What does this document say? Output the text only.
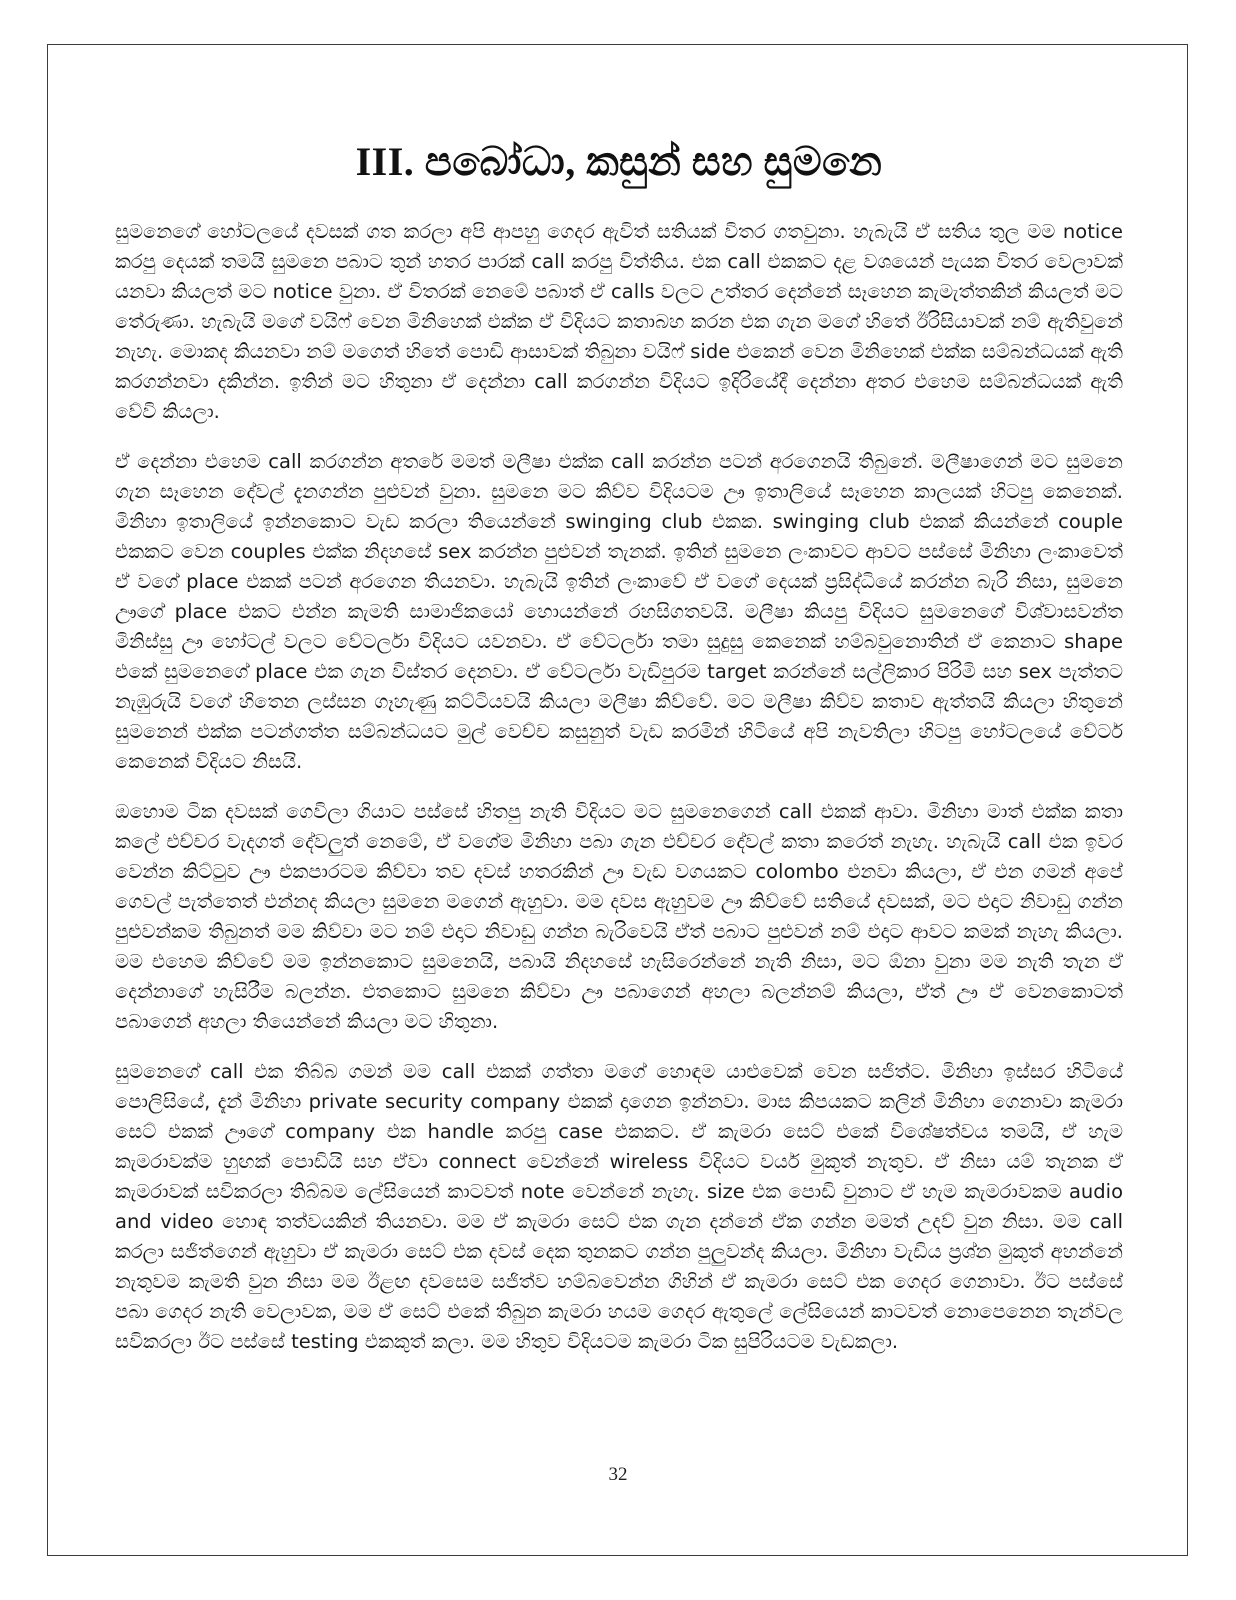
III. පබෝධා, කසුන් සහ සුමනෙ

සුමනෙගේ හෝටලයේ දවසක් ගත කරලා අපි ආපහු ගෙදර ඇවිත් සතියක් විතර ගතවුනා. හැබැයි ඒ සතිය තුල මම notice කරපු දෙයක් තමයි සුමනෙ පබාට තුන් හතර පාරක් call කරපු විත්තිය. එක call එකකට දළ වශයෙන් පැයක විතර වෙලාවක් යනවා කියලත් මට notice වුනා. ඒ විතරක් නෙමේ පබාත් ඒ calls වලට උත්තර දෙන්නේ සෑහෙන කැමැත්තකින් කියලත් මට තේරුණා. හැබැයි මගේ වයිෆ් වෙන මිනිහෙක් එක්ක ඒ විදියට කතාබහ කරන එක ගැන මගේ හිතේ ඊරිසියාවක් නම් ඇතිවුනේ නැහැ. මොකද කියනවා නම් මගෙත් හිතේ පොඩි ආසාවක් තිබුනා වයිෆ් side එකෙන් වෙන මිනිහෙක් එක්ක සම්බන්ධයක් ඇති කරගන්නවා දකින්න. ඉතින් මට හිතුනා ඒ දෙන්නා call කරගන්න විදියට ඉදිරියේදී දෙන්නා අතර එහෙම සම්බන්ධයක් ඇති වේවි කියලා.

ඒ දෙන්නා එහෙම call කරගන්න අතරේ මමත් මලීෂා එක්ක call කරන්න පටන් අරගෙනයි තිබුනේ. මලීෂාගෙන් මට සුමනෙ ගැන සෑහෙන දේවල් දැනගන්න පුළුවන් වුනා. සුමනෙ මට කිව්ව විදියටම ඌ ඉතාලියේ සෑහෙන කාලයක් හිටපු කෙනෙක්. මිනිහා ඉතාලියේ ඉන්නකොට වැඩ කරලා තියෙන්නේ swinging club එකක. swinging club එකක් කියන්නේ couple එකකට වෙන couples එක්ක නිදහසේ sex කරන්න පුළුවන් තැනක්. ඉතින් සුමනෙ ලංකාවට ආවට පස්සේ මිනිහා ලංකාවෙත් ඒ වගේ place එකක් පටන් අරගෙන තියනවා. හැබැයි ඉතින් ලංකාවේ ඒ වගේ දෙයක් ප්‍රසිද්ධියේ කරන්න බැරි නිසා, සුමනෙ ඌගේ place එකට එන්න කැමති සාමාජිකයෝ හොයන්නේ රහසිගතවයි. මලීෂා කියපු විදියට සුමනෙගේ විශ්වාසවන්ත මිනිස්සු ඌ හෝටල් වලට වේටර්ලා විදියට යවනවා. ඒ වේටර්ලා තමා සුදුසු කෙනෙක් හම්බවුනොතින් ඒ කෙනාට shape එකේ සුමනෙගේ place එක ගැන විස්තර දෙනවා. ඒ වේටර්ලා වැඩිපුරම target කරන්නේ සල්ලිකාර පිරිමි සහ sex පැත්තට නැඹුරුයි වගේ හිතෙන ලස්සන ගෑහැණු කට්ටියවයි කියලා මලීෂා කිව්වේ. මට මලීෂා කිව්ව කතාව ඇත්තයි කියලා හිතුනේ සුමනෙන් එක්ක පටන්ගත්ත සම්බන්ධයට මුල් වෙච්ච කසුනුත් වැඩ කරමින් හිටියේ අපි නැවතිලා හිටපු හෝටලයේ වේටර් කෙනෙක් විදියට නිසයි.

ඔහොම ටික දවසක් ගෙවිලා ගියාට පස්සේ හිතපු නැති විදියට මට සුමනෙගෙන් call එකක් ආවා. මිනිහා මාත් එක්ක කතා කලේ එච්චර වැදගත් දේවලුත් නෙමේ, ඒ වගේම මිනිහා පබා ගැන එච්චර දේවල් කතා කරෙත් නැහැ. හැබැයි call එක ඉවර වෙන්න කිට්ටුව ඌ එකපාරටම කිව්වා තව දවස් හතරකින් ඌ වැඩ වගයකට colombo එනවා කියලා, ඒ එන ගමන් අපේ ගෙවල් පැත්තෙත් එන්නද කියලා සුමනෙ මගෙන් ඇහුවා. මම දවස ඇහුවම ඌ කිව්වේ සතියේ දවසක්, මට එදාට නිවාඩු ගන්න පුළුවන්කම තිබුනත් මම කිව්වා මට නම් එදාට නිවාඩු ගන්න බැරිවෙයි ඒත් පබාට පුළුවන් නම් එදාට ආවට කමක් නැහැ කියලා. මම එහෙම කිව්වේ මම ඉන්නකොට සුමනෙයි, පබායි නිදහසේ හැසිරෙන්නේ නැති නිසා, මට ඕනා වුනා මම නැති තැන ඒ දෙන්නාගේ හැසිරීම බලන්න. එතකොට සුමනෙ කිව්වා ඌ පබාගෙන් අහලා බලන්නම් කියලා, ඒත් ඌ ඒ වෙනකොටත් පබාගෙන් අහලා තියෙන්නේ කියලා මට හිතුනා.

සුමනෙගේ call එක තිබ්බ ගමන් මම call එකක් ගත්තා මගේ හොඳම යාළුවෙක් වෙන සජිත්ට. මිනිහා ඉස්සර හිටියේ පොලිසියේ, දැන් මිනිහා private security company එකක් දාගෙන ඉන්නවා. මාස කිපයකට කලින් මිනිහා ගෙනාවා කැමරා සෙට් එකක් ඌගේ company එක handle කරපු case එකකට. ඒ කැමරා සෙට් එකේ විශේෂත්වය තමයි, ඒ හැම කැමරාවක්ම හුඟක් පොඩියි සහ ඒවා connect වෙන්නේ wireless විදියට වයර් මුකුත් නැතුව. ඒ නිසා යම් තැනක ඒ කැමරාවක් සවිකරලා තිබ්බම ලේසියෙන් කාටවත් note වෙන්නේ නැහැ. size එක පොඩි වුනාට ඒ හැම කැමරාවකම audio and video හොඳ තත්වයකින් තියනවා. මම ඒ කැමරා සෙට් එක ගැන දන්නේ ඒක ගන්න මමත් උදව් වුන නිසා. මම call කරලා සජිත්ගෙන් ඇහුවා ඒ කැමරා සෙට් එක දවස් දෙක තුනකට ගන්න පුලුවන්ද කියලා. මිනිහා වැඩිය ප්‍රශ්න මුකුත් අහන්නේ නැතුවම කැමති වුන නිසා මම ඊළඟ දවසෙම සජිත්ව හම්බවෙන්න ගිහින් ඒ කැමරා සෙට් එක ගෙදර ගෙනාවා. ඊට පස්සේ පබා ගෙදර නැති වෙලාවක, මම ඒ සෙට් එකේ තිබුන කැමරා හයම ගෙදර ඇතුලේ ලේසියෙන් කාටවත් නොපෙනෙන තැන්වල සවිකරලා ඊට පස්සේ testing එකකුත් කලා. මම හිතුව විදියටම කැමරා ටික සුපිරියටම වැඩකලා.

32
